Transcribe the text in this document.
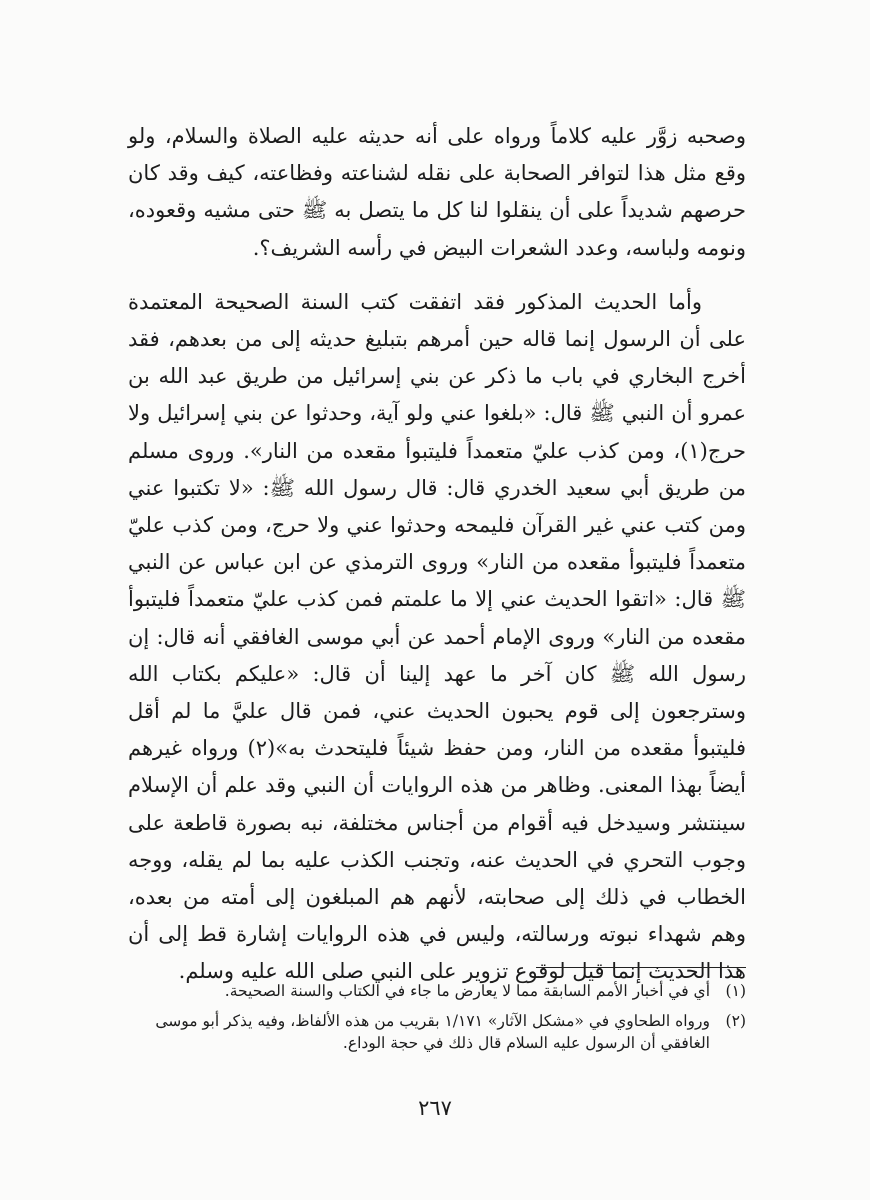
وصحبه زوَّر عليه كلاماً ورواه على أنه حديثه عليه الصلاة والسلام، ولو وقع مثل هذا لتوافر الصحابة على نقله لشناعته وفظاعته، كيف وقد كان حرصهم شديداً على أن ينقلوا لنا كل ما يتصل به ﷺ حتى مشيه وقعوده، ونومه ولباسه، وعدد الشعرات البيض في رأسه الشريف؟.

وأما الحديث المذكور فقد اتفقت كتب السنة الصحيحة المعتمدة على أن الرسول إنما قاله حين أمرهم بتبليغ حديثه إلى من بعدهم، فقد أخرج البخاري في باب ما ذكر عن بني إسرائيل من طريق عبد الله بن عمرو أن النبي ﷺ قال: «بلغوا عني ولو آية، وحدثوا عن بني إسرائيل ولا حرج(١)، ومن كذب عليّ متعمداً فليتبوأ مقعده من النار». وروى مسلم من طريق أبي سعيد الخدري قال: قال رسول الله ﷺ: «لا تكتبوا عني ومن كتب عني غير القرآن فليمحه وحدثوا عني ولا حرج، ومن كذب عليّ متعمداً فليتبوأ مقعده من النار» وروى الترمذي عن ابن عباس عن النبي ﷺ قال: «اتقوا الحديث عني إلا ما علمتم فمن كذب عليّ متعمداً فليتبوأ مقعده من النار» وروى الإمام أحمد عن أبي موسى الغافقي أنه قال: إن رسول الله ﷺ كان آخر ما عهد إلينا أن قال: «عليكم بكتاب الله وسترجعون إلى قوم يحبون الحديث عني، فمن قال عليَّ ما لم أقل فليتبوأ مقعده من النار، ومن حفظ شيئاً فليتحدث به»(٢) ورواه غيرهم أيضاً بهذا المعنى. وظاهر من هذه الروايات أن النبي وقد علم أن الإسلام سينتشر وسيدخل فيه أقوام من أجناس مختلفة، نبه بصورة قاطعة على وجوب التحري في الحديث عنه، وتجنب الكذب عليه بما لم يقله، ووجه الخطاب في ذلك إلى صحابته، لأنهم هم المبلغون إلى أمته من بعده، وهم شهداء نبوته ورسالته، وليس في هذه الروايات إشارة قط إلى أن هذا الحديث إنما قيل لوقوع تزوير على النبي صلى الله عليه وسلم.

(١)
أي في أخبار الأمم السابقة مما لا يعارض ما جاء في الكتاب والسنة الصحيحة.
(٢)
ورواه الطحاوي في «مشكل الآثار» ١/١٧١ بقريب من هذه الألفاظ، وفيه يذكر أبو موسى الغافقي أن الرسول عليه السلام قال ذلك في حجة الوداع.
٢٦٧
